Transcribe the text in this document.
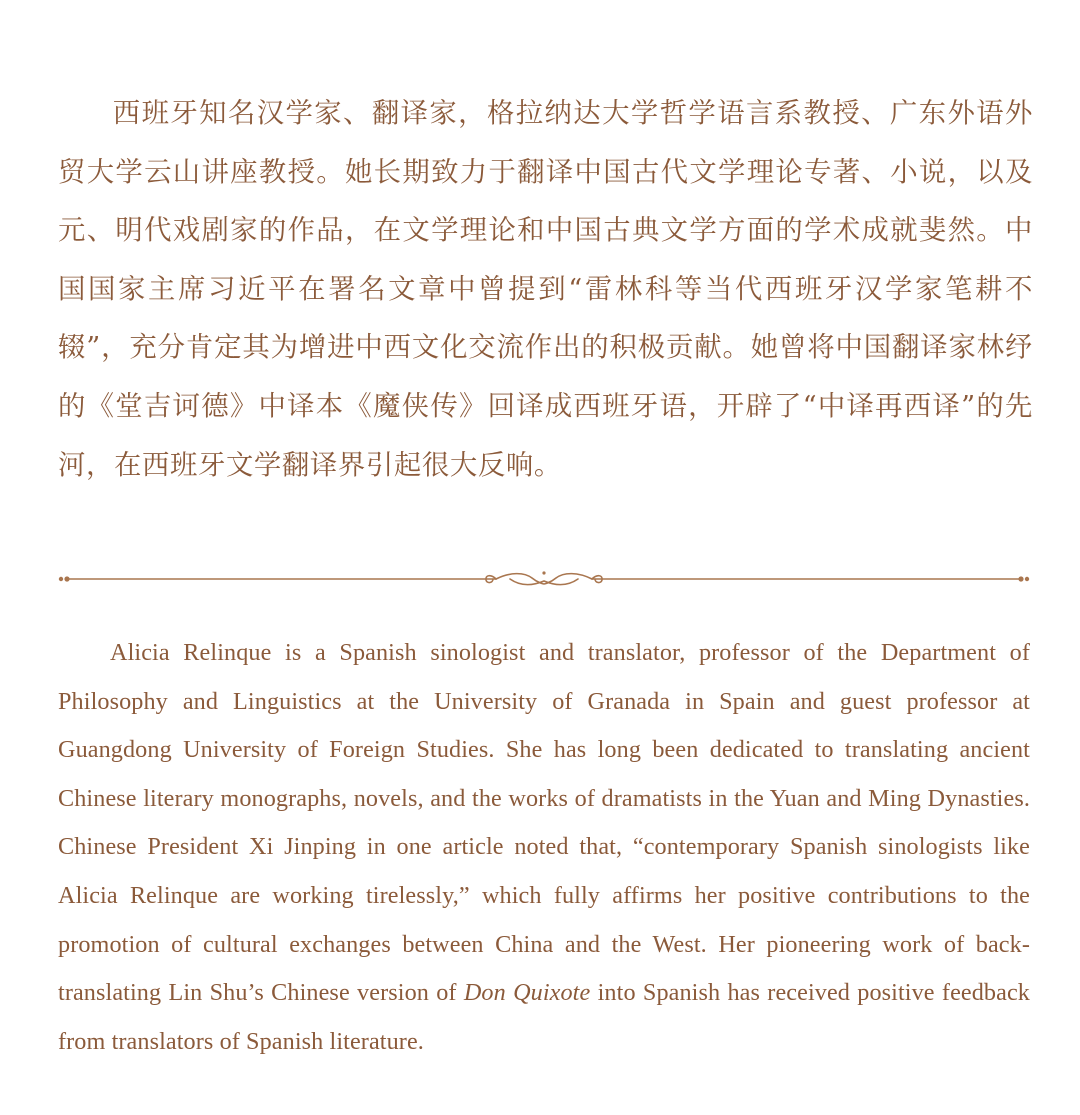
西班牙知名汉学家、翻译家，格拉纳达大学哲学语言系教授、广东外语外贸大学云山讲座教授。她长期致力于翻译中国古代文学理论专著、小说，以及元、明代戏剧家的作品，在文学理论和中国古典文学方面的学术成就斐然。中国国家主席习近平在署名文章中曾提到“雷林科等当代西班牙汉学家笔耕不辍”，充分肯定其为增进中西文化交流作出的积极贡献。她曾将中国翻译家林纾的《堂吉诃德》中译本《魔侠传》回译成西班牙语，开辟了“中译再西译”的先河，在西班牙文学翻译界引起很大反响。

Alicia Relinque is a Spanish sinologist and translator, professor of the Department of Philosophy and Linguistics at the University of Granada in Spain and guest professor at Guangdong University of Foreign Studies. She has long been dedicated to translating ancient Chinese literary monographs, novels, and the works of dramatists in the Yuan and Ming Dynasties. Chinese President Xi Jinping in one article noted that, “contemporary Spanish sinologists like Alicia Relinque are working tirelessly,” which fully affirms her positive contributions to the promotion of cultural exchanges between China and the West. Her pioneering work of back-translating Lin Shu’s Chinese version of Don Quixote into Spanish has received positive feedback from translators of Spanish literature.
